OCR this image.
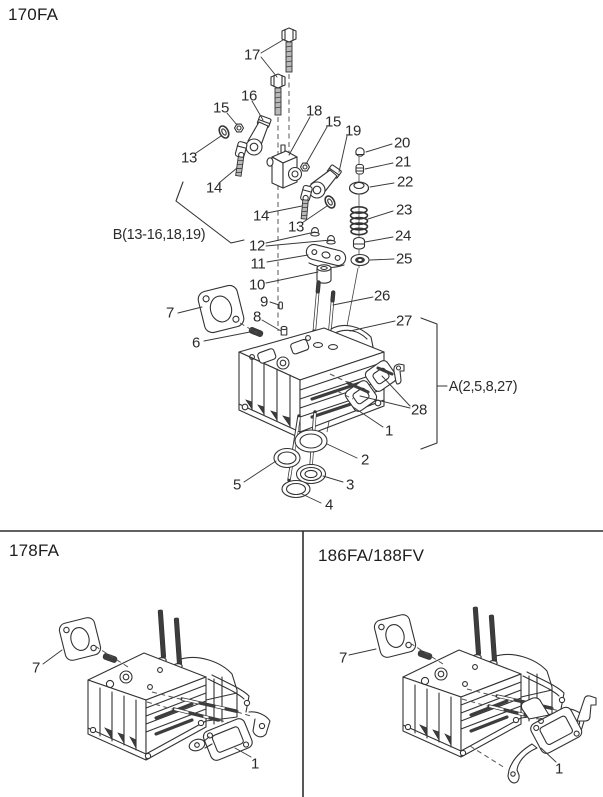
170FA
178FA	186FA/188FV
17
16
15	18
15
19
13
20
21
22
14
23
14
13
24
12
11	25
10
26
9
27
8
7
6
28
1
2
5	3
4
B(13-16,18,19)
A(2,5,8,27)
7
1
7
1
